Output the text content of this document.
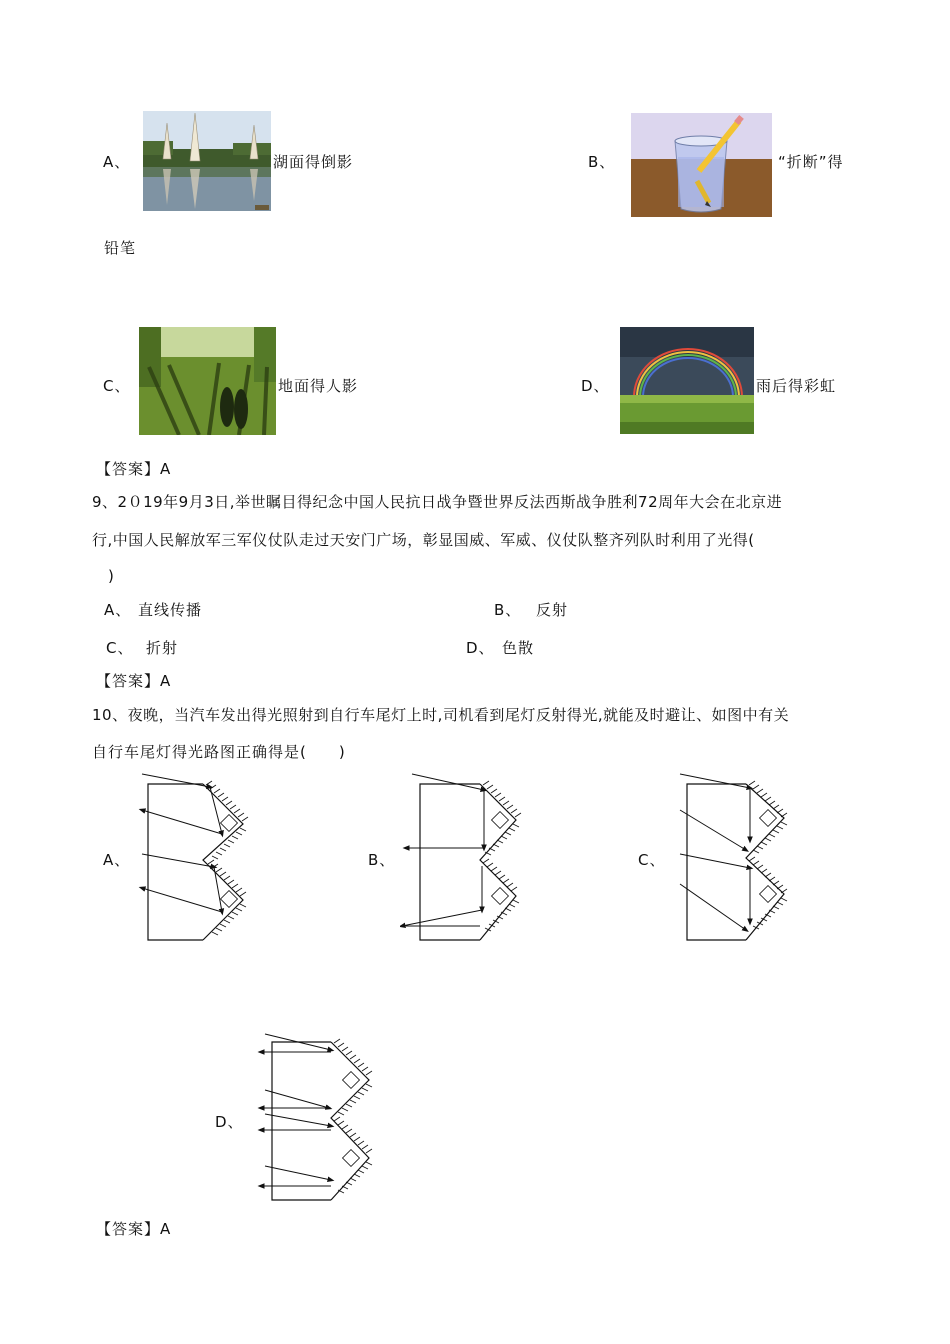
A、	湖面得倒影	B、	“折断”得
铅笔
C、	地面得人影	D、	雨后得彩虹
【答案】A
9、2０19年9月3日,举世瞩目得纪念中国人民抗日战争暨世界反法西斯战争胜利72周年大会在北京进
行,中国人民解放军三军仪仗队走过天安门广场，彰显国威、军威、仪仗队整齐列队时利用了光得(
)
A、 直线传播	B、 反射
C、 折射	D、 色散
【答案】A
10、夜晚，当汽车发出得光照射到自行车尾灯上时,司机看到尾灯反射得光,就能及时避让、如图中有关
自行车尾灯得光路图正确得是(　　)
A、	B、	C、
D、
【答案】A
